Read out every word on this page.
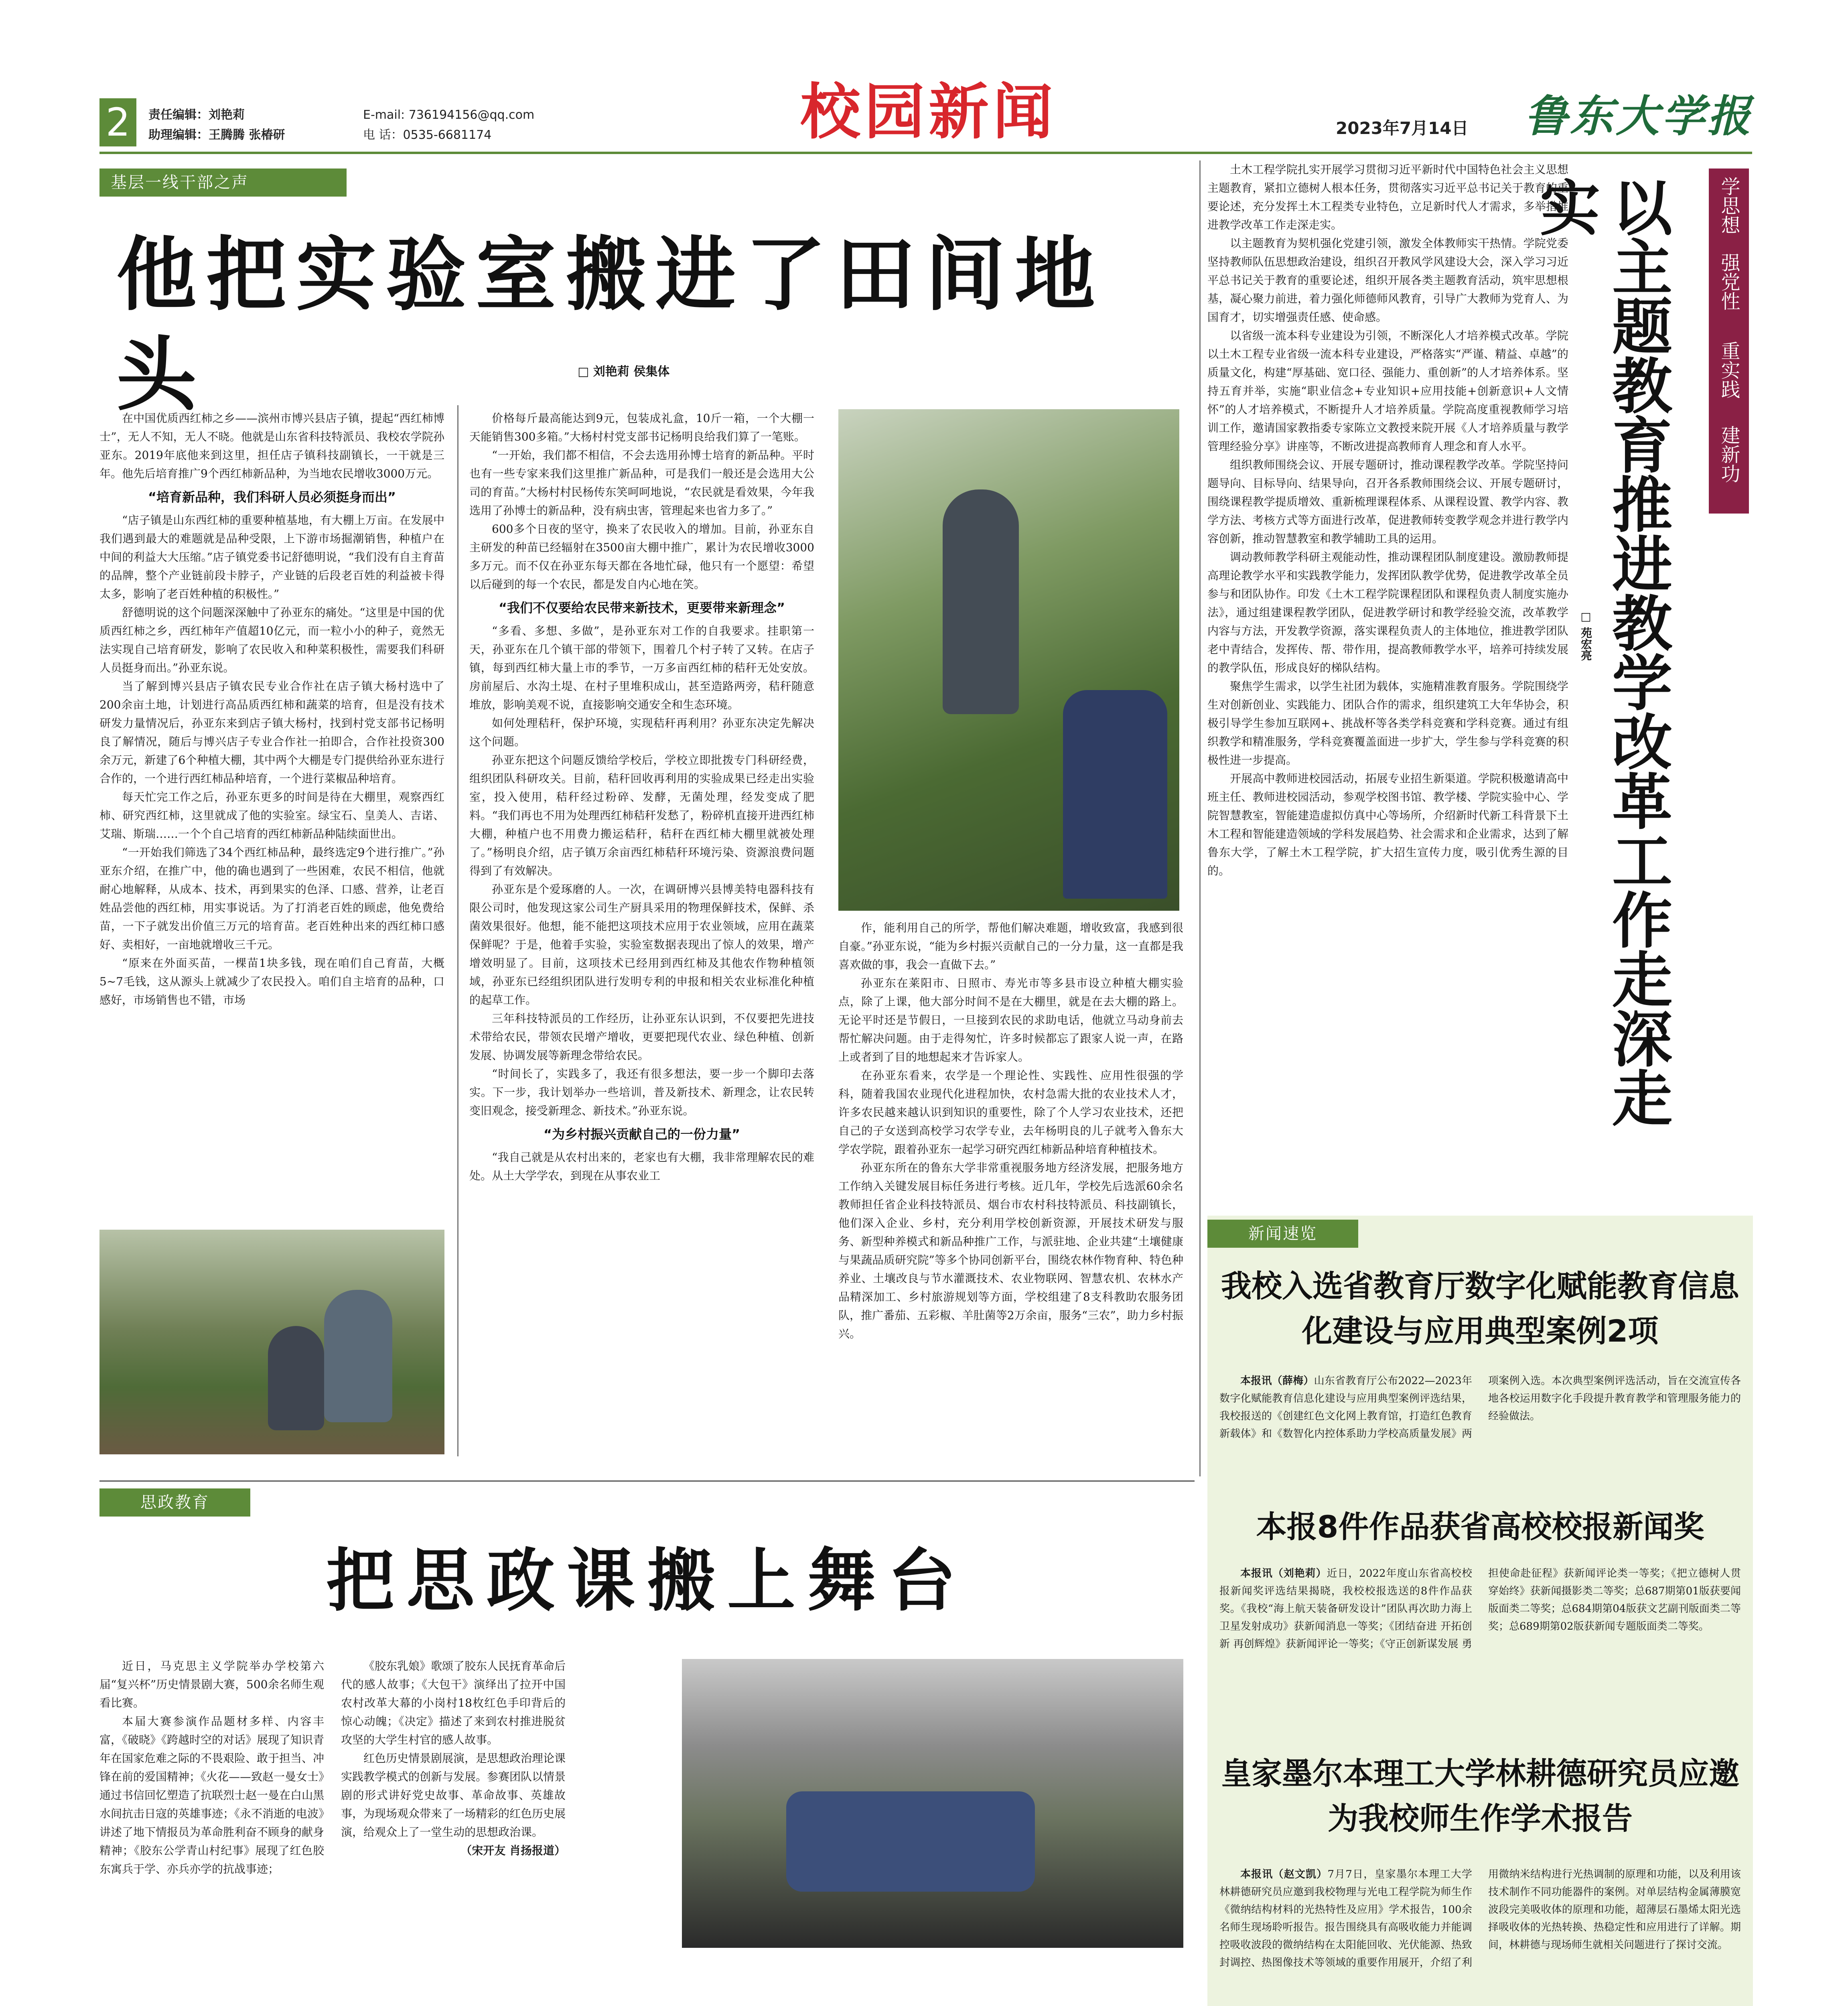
2	责任编辑：刘艳莉
助理编辑：王腾腾 张椿研
E-mail: 736194156@qq.com
电 话：0535-6681174	校园新闻	2023年7月14日 鲁东大学报
基层一线干部之声
他把实验室搬进了田间地头	□ 刘艳莉 侯集体

在中国优质西红柿之乡——滨州市博兴县店子镇，提起“西红柿博士”，无人不知，无人不晓。他就是山东省科技特派员、我校农学院孙亚东。2019年底他来到这里，担任店子镇科技副镇长，一干就是三年。他先后培育推广9个西红柿新品种，为当地农民增收3000万元。

“培育新品种，我们科研人员必须挺身而出”

“店子镇是山东西红柿的重要种植基地，有大棚上万亩。在发展中我们遇到最大的难题就是品种受限，上下游市场掘潮销售，种植户在中间的利益大大压缩。”店子镇党委书记舒德明说，“我们没有自主育苗的品牌，整个产业链前段卡脖子，产业链的后段老百姓的利益被卡得太多，影响了老百姓种植的积极性。”

舒德明说的这个问题深深触中了孙亚东的痛处。“这里是中国的优质西红柿之乡，西红柿年产值超10亿元，而一粒小小的种子，竟然无法实现自己培育研发，影响了农民收入和种菜积极性，需要我们科研人员挺身而出。”孙亚东说。

当了解到博兴县店子镇农民专业合作社在店子镇大杨村选中了200余亩土地，计划进行高品质西红柿和蔬菜的培育，但是没有技术研发力量情况后，孙亚东来到店子镇大杨村，找到村党支部书记杨明良了解情况，随后与博兴店子专业合作社一拍即合，合作社投资300余万元，新建了6个种植大棚，其中两个大棚是专门提供给孙亚东进行合作的，一个进行西红柿品种培育，一个进行菜椒品种培育。

每天忙完工作之后，孙亚东更多的时间是待在大棚里，观察西红柿、研究西红柿，这里就成了他的实验室。绿宝石、皇美人、吉诺、艾瑞、斯瑞……一个个自己培育的西红柿新品种陆续面世出。

“一开始我们筛选了34个西红柿品种，最终选定9个进行推广。”孙亚东介绍，在推广中，他的确也遇到了一些困难，农民不相信，他就耐心地解释，从成本、技术，再到果实的色泽、口感、营养，让老百姓品尝他的西红柿，用实事说话。为了打消老百姓的顾虑，他免费给苗，一下子就发出价值三万元的培育苗。老百姓种出来的西红柿口感好、卖相好，一亩地就增收三千元。

“原来在外面买苗，一棵苗1块多钱，现在咱们自己育苗，大概5~7毛钱，这从源头上就减少了农民投入。咱们自主培育的品种，口感好，市场销售也不错，市场

价格每斤最高能达到9元，包装成礼盒，10斤一箱，一个大棚一天能销售300多箱。”大杨村村党支部书记杨明良给我们算了一笔账。

“一开始，我们都不相信，不会去选用孙博士培育的新品种。平时也有一些专家来我们这里推广新品种，可是我们一般还是会选用大公司的育苗。”大杨村村民杨传东笑呵呵地说，“农民就是看效果，今年我选用了孙博士的新品种，没有病虫害，管理起来也省力多了。”

600多个日夜的坚守，换来了农民收入的增加。目前，孙亚东自主研发的种苗已经辐射在3500亩大棚中推广，累计为农民增收3000多万元。而不仅在孙亚东每天都在各地忙碌，他只有一个愿望：希望以后碰到的每一个农民，都是发自内心地在笑。

“我们不仅要给农民带来新技术，更要带来新理念”

“多看、多想、多做”，是孙亚东对工作的自我要求。挂职第一天，孙亚东在几个镇干部的带领下，围着几个村子转了又转。在店子镇，每到西红柿大量上市的季节，一万多亩西红柿的秸秆无处安放。房前屋后、水沟土堤、在村子里堆积成山，甚至造路两旁，秸秆随意堆放，影响美观不说，直接影响交通安全和生态环境。

如何处理秸秆，保护环境，实现秸秆再利用？孙亚东决定先解决这个问题。

孙亚东把这个问题反馈给学校后，学校立即批拨专门科研经费，组织团队科研攻关。目前，秸秆回收再利用的实验成果已经走出实验室，投入使用，秸秆经过粉碎、发酵，无菌处理，经发变成了肥料。“我们再也不用为处理西红柿秸秆发愁了，粉碎机直接开进西红柿大棚，种植户也不用费力搬运秸秆，秸秆在西红柿大棚里就被处理了。”杨明良介绍，店子镇万余亩西红柿秸秆环境污染、资源浪费问题得到了有效解决。

孙亚东是个爱琢磨的人。一次，在调研博兴县博美特电器科技有限公司时，他发现这家公司生产厨具采用的物理保鲜技术，保鲜、杀菌效果很好。他想，能不能把这项技术应用于农业领域，应用在蔬菜保鲜呢？于是，他着手实验，实验室数据表现出了惊人的效果，增产增效明显了。目前，这项技术已经用到西红柿及其他农作物种植领域，孙亚东已经组织团队进行发明专利的申报和相关农业标准化种植的起草工作。

三年科技特派员的工作经历，让孙亚东认识到，不仅要把先进技术带给农民，带领农民增产增收，更要把现代农业、绿色种植、创新发展、协调发展等新理念带给农民。

“时间长了，实践多了，我还有很多想法，要一步一个脚印去落实。下一步，我计划举办一些培训，普及新技术、新理念，让农民转变旧观念，接受新理念、新技术。”孙亚东说。

“为乡村振兴贡献自己的一份力量”

“我自己就是从农村出来的，老家也有大棚，我非常理解农民的难处。从土大学学农，到现在从事农业工

作，能利用自己的所学，帮他们解决难题，增收致富，我感到很自豪。”孙亚东说，“能为乡村振兴贡献自己的一分力量，这一直都是我喜欢做的事，我会一直做下去。”

孙亚东在莱阳市、日照市、寿光市等多县市设立种植大棚实验点，除了上课，他大部分时间不是在大棚里，就是在去大棚的路上。无论平时还是节假日，一旦接到农民的求助电话，他就立马动身前去帮忙解决问题。由于走得匆忙，许多时候都忘了跟家人说一声，在路上或者到了目的地想起来才告诉家人。

在孙亚东看来，农学是一个理论性、实践性、应用性很强的学科，随着我国农业现代化进程加快，农村急需大批的农业技术人才，许多农民越来越认识到知识的重要性，除了个人学习农业技术，还把自己的子女送到高校学习农学专业，去年杨明良的儿子就考入鲁东大学农学院，跟着孙亚东一起学习研究西红柿新品种培育种植技术。

孙亚东所在的鲁东大学非常重视服务地方经济发展，把服务地方工作纳入关键发展目标任务进行考核。近几年，学校先后选派60余名教师担任省企业科技特派员、烟台市农村科技特派员、科技副镇长，他们深入企业、乡村，充分利用学校创新资源，开展技术研发与服务、新型种养模式和新品种推广工作，与派驻地、企业共建“土壤健康与果蔬品质研究院”等多个协同创新平台，围绕农林作物育种、特色种养业、土壤改良与节水灌溉技术、农业物联网、智慧农机、农林水产品精深加工、乡村旅游规划等方面，学校组建了8支科教助农服务团队，推广番茄、五彩椒、羊肚菌等2万余亩，服务“三农”，助力乡村振兴。

土木工程学院扎实开展学习贯彻习近平新时代中国特色社会主义思想主题教育，紧扣立德树人根本任务，贯彻落实习近平总书记关于教育的重要论述，充分发挥土木工程类专业特色，立足新时代人才需求，多举措推进教学改革工作走深走实。

以主题教育为契机强化党建引领，激发全体教师实干热情。学院党委坚持教师队伍思想政治建设，组织召开教风学风建设大会，深入学习习近平总书记关于教育的重要论述，组织开展各类主题教育活动，筑牢思想根基，凝心聚力前进，着力强化师德师风教育，引导广大教师为党育人、为国育才，切实增强责任感、使命感。

以省级一流本科专业建设为引领，不断深化人才培养模式改革。学院以土木工程专业省级一流本科专业建设，严格落实“严谨、精益、卓越”的质量文化，构建“厚基础、宽口径、强能力、重创新”的人才培养体系。坚持五育并举，实施“职业信念+专业知识+应用技能+创新意识+人文情怀”的人才培养模式，不断提升人才培养质量。学院高度重视教师学习培训工作，邀请国家教指委专家陈立文教授来院开展《人才培养质量与教学管理经验分享》讲座等，不断改进提高教师育人理念和育人水平。

组织教师围绕会议、开展专题研讨，推动课程教学改革。学院坚持问题导向、目标导向、结果导向，召开各系教师围绕会议、开展专题研讨，围绕课程教学提质增效、重新梳理课程体系、从课程设置、教学内容、教学方法、考核方式等方面进行改革，促进教师转变教学观念并进行教学内容创新，推动智慧教室和教学辅助工具的运用。

调动教师教学科研主观能动性，推动课程团队制度建设。激励教师提高理论教学水平和实践教学能力，发挥团队教学优势，促进教学改革全员参与和团队协作。印发《土木工程学院课程团队和课程负责人制度实施办法》，通过组建课程教学团队，促进教学研讨和教学经验交流，改革教学内容与方法，开发教学资源，落实课程负责人的主体地位，推进教学团队老中青结合，发挥传、帮、带作用，提高教师教学水平，培养可持续发展的教学队伍，形成良好的梯队结构。

聚焦学生需求，以学生社团为载体，实施精准教育服务。学院围绕学生对创新创业、实践能力、团队合作的需求，组织建筑工大年华协会，积极引导学生参加互联网+、挑战杯等各类学科竞赛和学科竞赛。通过有组织教学和精准服务，学科竞赛覆盖面进一步扩大，学生参与学科竞赛的积极性进一步提高。

开展高中教师进校园活动，拓展专业招生新渠道。学院积极邀请高中班主任、教师进校园活动，参观学校图书馆、教学楼、学院实验中心、学院智慧教室，智能建造虚拟仿真中心等场所，介绍新时代新工科背景下土木工程和智能建造领域的学科发展趋势、社会需求和企业需求，达到了解鲁东大学，了解土木工程学院，扩大招生宣传力度，吸引优秀生源的目的。

□ 苑宏亮 以主题教育推进教学改革工作走深走实	学思想
强党性
重实践
建新功
思政教育
把思政课搬上舞台

近日，马克思主义学院举办学校第六届“复兴杯”历史情景剧大赛，500余名师生观看比赛。

本届大赛参演作品题材多样、内容丰富，《破晓》《跨越时空的对话》展现了知识青年在国家危难之际的不畏艰险、敢于担当、冲锋在前的爱国精神；《火花——致赵一曼女士》通过书信回忆塑造了抗联烈士赵一曼在白山黑水间抗击日寇的英雄事迹；《永不消逝的电波》讲述了地下情报员为革命胜利奋不顾身的献身精神；《胶东公学青山村纪事》展现了红色胶东寓兵于学、亦兵亦学的抗战事迹；

《胶东乳娘》歌颂了胶东人民抚育革命后代的感人故事；《大包干》演绎出了拉开中国农村改革大幕的小岗村18枚红色手印背后的惊心动魄；《决定》描述了来到农村推进脱贫攻坚的大学生村官的感人故事。

红色历史情景剧展演，是思想政治理论课实践教学模式的创新与发展。参赛团队以情景剧的形式讲好党史故事、革命故事、英雄故事，为现场观众带来了一场精彩的红色历史展演，给观众上了一堂生动的思想政治课。

（宋开友 肖扬报道）
新闻速览
我校入选省教育厅数字化赋能教育信息化建设与应用典型案例2项

本报讯（薛梅）山东省教育厅公布2022—2023年数字化赋能教育信息化建设与应用典型案例评选结果，我校报送的《创建红色文化网上教育馆，打造红色教育新载体》和《数智化内控体系助力学校高质量发展》两项案例入选。本次典型案例评选活动，旨在交流宣传各地各校运用数字化手段提升教育教学和管理服务能力的经验做法。

本报8件作品获省高校校报新闻奖

本报讯（刘艳莉）近日，2022年度山东省高校校报新闻奖评选结果揭晓，我校校报选送的8件作品获奖。《我校“海上航天装备研发设计”团队再次助力海上卫星发射成功》获新闻消息一等奖；《团结奋进 开拓创新 再创辉煌》获新闻评论一等奖；《守正创新谋发展 勇担使命赴征程》获新闻评论类一等奖；《把立德树人贯穿始终》获新闻摄影类二等奖；总687期第01版获要闻版面类二等奖；总684期第04版获文艺副刊版面类二等奖；总689期第02版获新闻专题版面类二等奖。

皇家墨尔本理工大学林耕德研究员应邀为我校师生作学术报告

本报讯（赵文凯）7月7日，皇家墨尔本理工大学林耕德研究员应邀到我校物理与光电工程学院为师生作《微纳结构材料的光热特性及应用》学术报告，100余名师生现场聆听报告。报告围绕具有高吸收能力并能调控吸收波段的微纳结构在太阳能回收、光伏能源、热致封调控、热图像技术等领域的重要作用展开，介绍了利用微纳米结构进行光热调制的原理和功能，以及利用该技术制作不同功能器件的案例。对单层结构金属薄膜宽波段完美吸收体的原理和功能，超薄层石墨烯太阳光选择吸收体的光热转换、热稳定性和应用进行了详解。期间，林耕德与现场师生就相关问题进行了探讨交流。
